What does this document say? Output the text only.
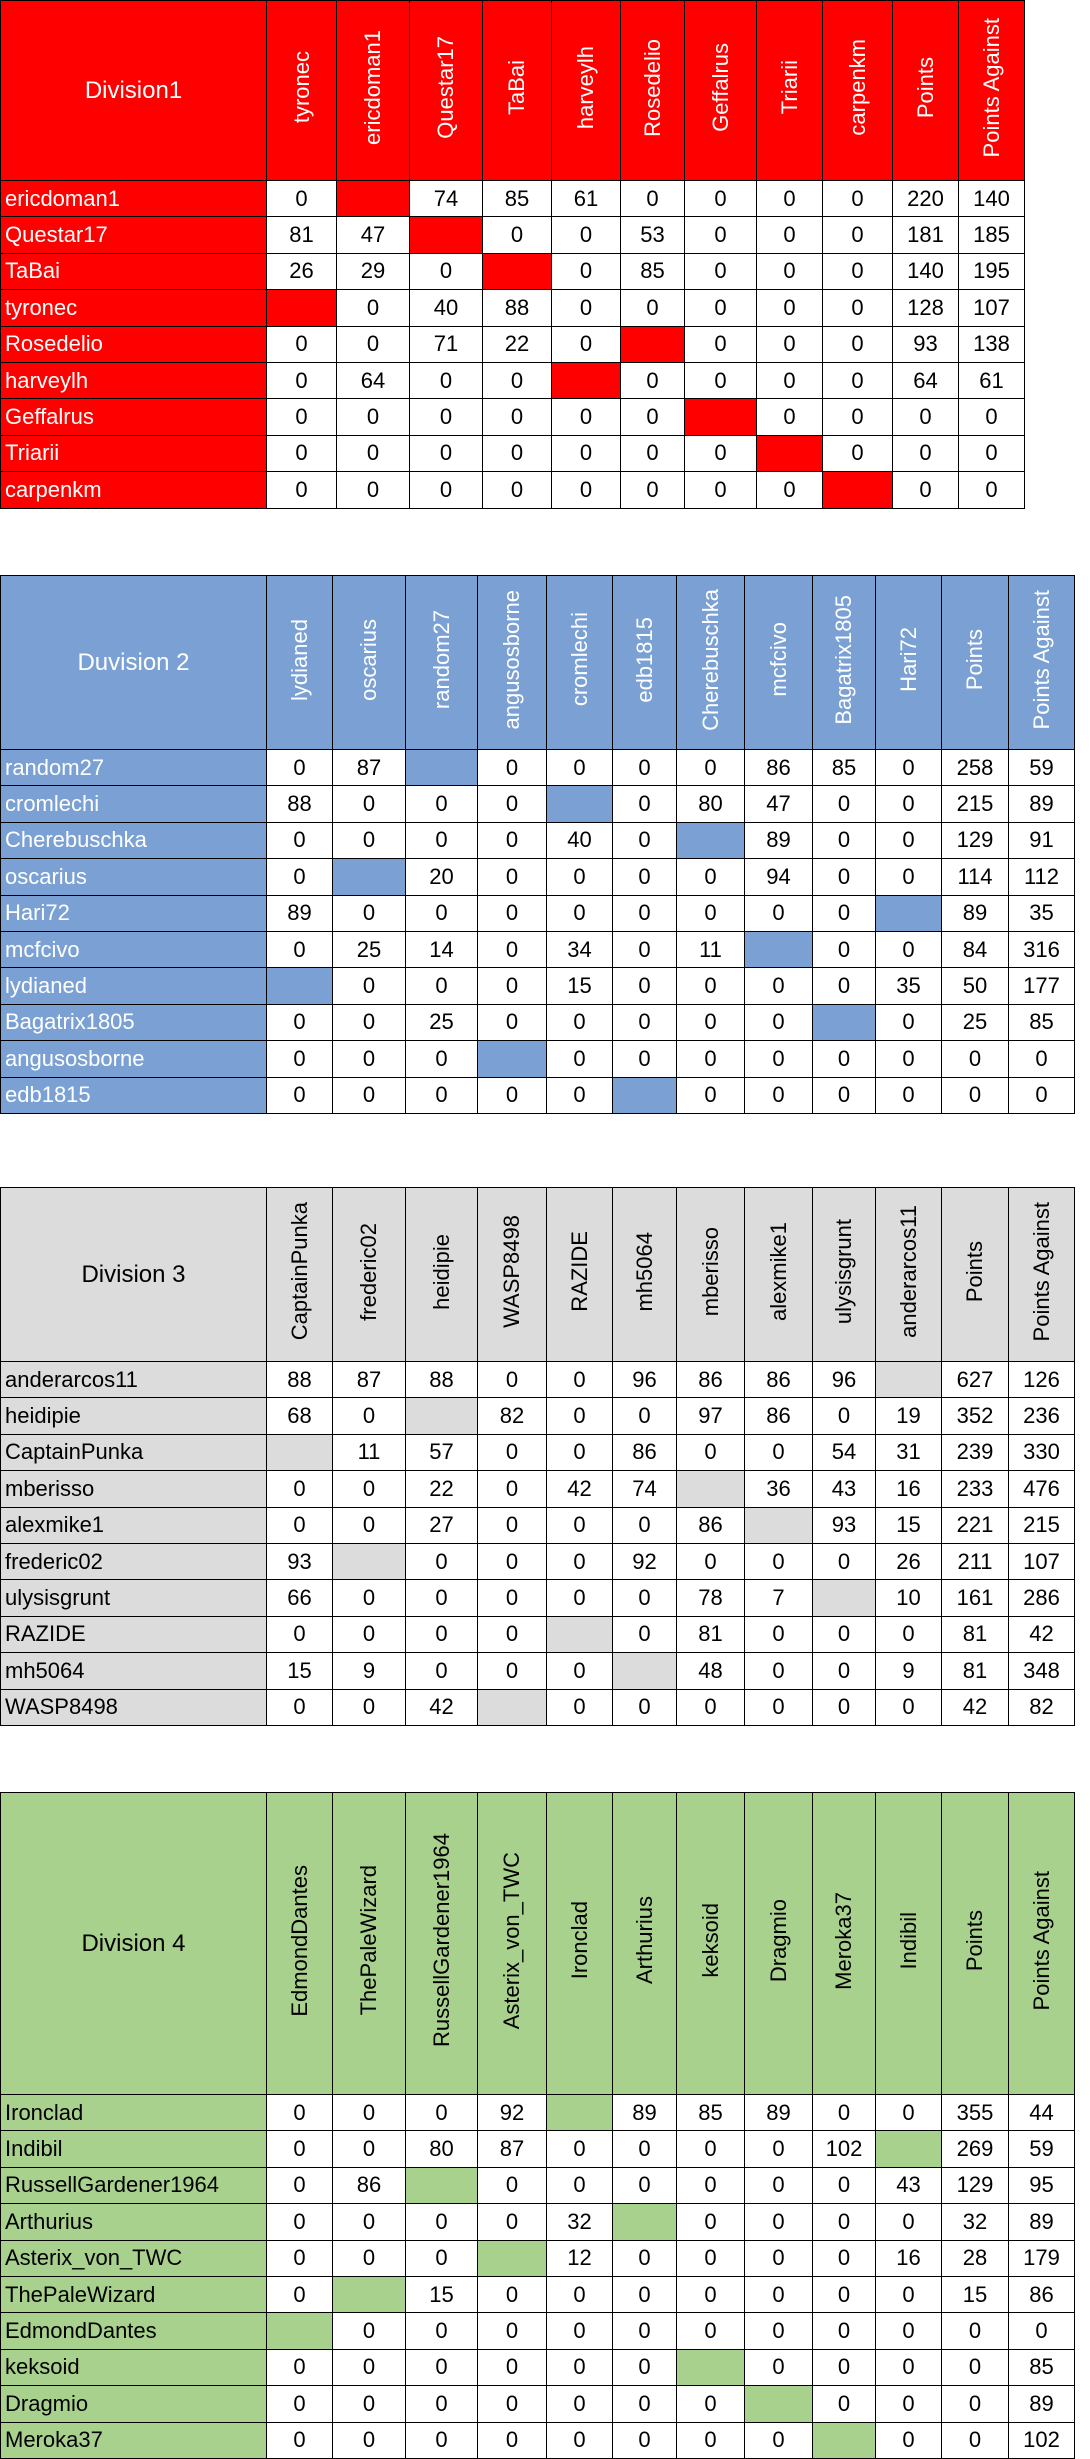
Division1	tyronec	ericdoman1	Questar17	TaBai	harveylh	Rosedelio	Geffalrus	Triarii	carpenkm	Points	Points Against
ericdoman1	0		74	85	61	0	0	0	0	220	140
Questar17	81	47		0	0	53	0	0	0	181	185
TaBai	26	29	0		0	85	0	0	0	140	195
tyronec		0	40	88	0	0	0	0	0	128	107
Rosedelio	0	0	71	22	0		0	0	0	93	138
harveylh	0	64	0	0		0	0	0	0	64	61
Geffalrus	0	0	0	0	0	0		0	0	0	0
Triarii	0	0	0	0	0	0	0		0	0	0
carpenkm	0	0	0	0	0	0	0	0		0	0
Duvision 2	lydianed	oscarius	random27	angusosborne	cromlechi	edb1815	Cherebuschka	mcfcivo	Bagatrix1805	Hari72	Points	Points Against
random27	0	87		0	0	0	0	86	85	0	258	59
cromlechi	88	0	0	0		0	80	47	0	0	215	89
Cherebuschka	0	0	0	0	40	0		89	0	0	129	91
oscarius	0		20	0	0	0	0	94	0	0	114	112
Hari72	89	0	0	0	0	0	0	0	0		89	35
mcfcivo	0	25	14	0	34	0	11		0	0	84	316
lydianed		0	0	0	15	0	0	0	0	35	50	177
Bagatrix1805	0	0	25	0	0	0	0	0		0	25	85
angusosborne	0	0	0		0	0	0	0	0	0	0	0
edb1815	0	0	0	0	0		0	0	0	0	0	0
Division 3	CaptainPunka	frederic02	heidipie	WASP8498	RAZIDE	mh5064	mberisso	alexmike1	ulysisgrunt	anderarcos11	Points	Points Against
anderarcos11	88	87	88	0	0	96	86	86	96		627	126
heidipie	68	0		82	0	0	97	86	0	19	352	236
CaptainPunka		11	57	0	0	86	0	0	54	31	239	330
mberisso	0	0	22	0	42	74		36	43	16	233	476
alexmike1	0	0	27	0	0	0	86		93	15	221	215
frederic02	93		0	0	0	92	0	0	0	26	211	107
ulysisgrunt	66	0	0	0	0	0	78	7		10	161	286
RAZIDE	0	0	0	0		0	81	0	0	0	81	42
mh5064	15	9	0	0	0		48	0	0	9	81	348
WASP8498	0	0	42		0	0	0	0	0	0	42	82
Division 4	EdmondDantes	ThePaleWizard	RussellGardener1964	Asterix_von_TWC	Ironclad	Arthurius	keksoid	Dragmio	Meroka37	Indibil	Points	Points Against
Ironclad	0	0	0	92		89	85	89	0	0	355	44
Indibil	0	0	80	87	0	0	0	0	102		269	59
RussellGardener1964	0	86		0	0	0	0	0	0	43	129	95
Arthurius	0	0	0	0	32		0	0	0	0	32	89
Asterix_von_TWC	0	0	0		12	0	0	0	0	16	28	179
ThePaleWizard	0		15	0	0	0	0	0	0	0	15	86
EdmondDantes		0	0	0	0	0	0	0	0	0	0	0
keksoid	0	0	0	0	0	0		0	0	0	0	85
Dragmio	0	0	0	0	0	0	0		0	0	0	89
Meroka37	0	0	0	0	0	0	0	0		0	0	102
